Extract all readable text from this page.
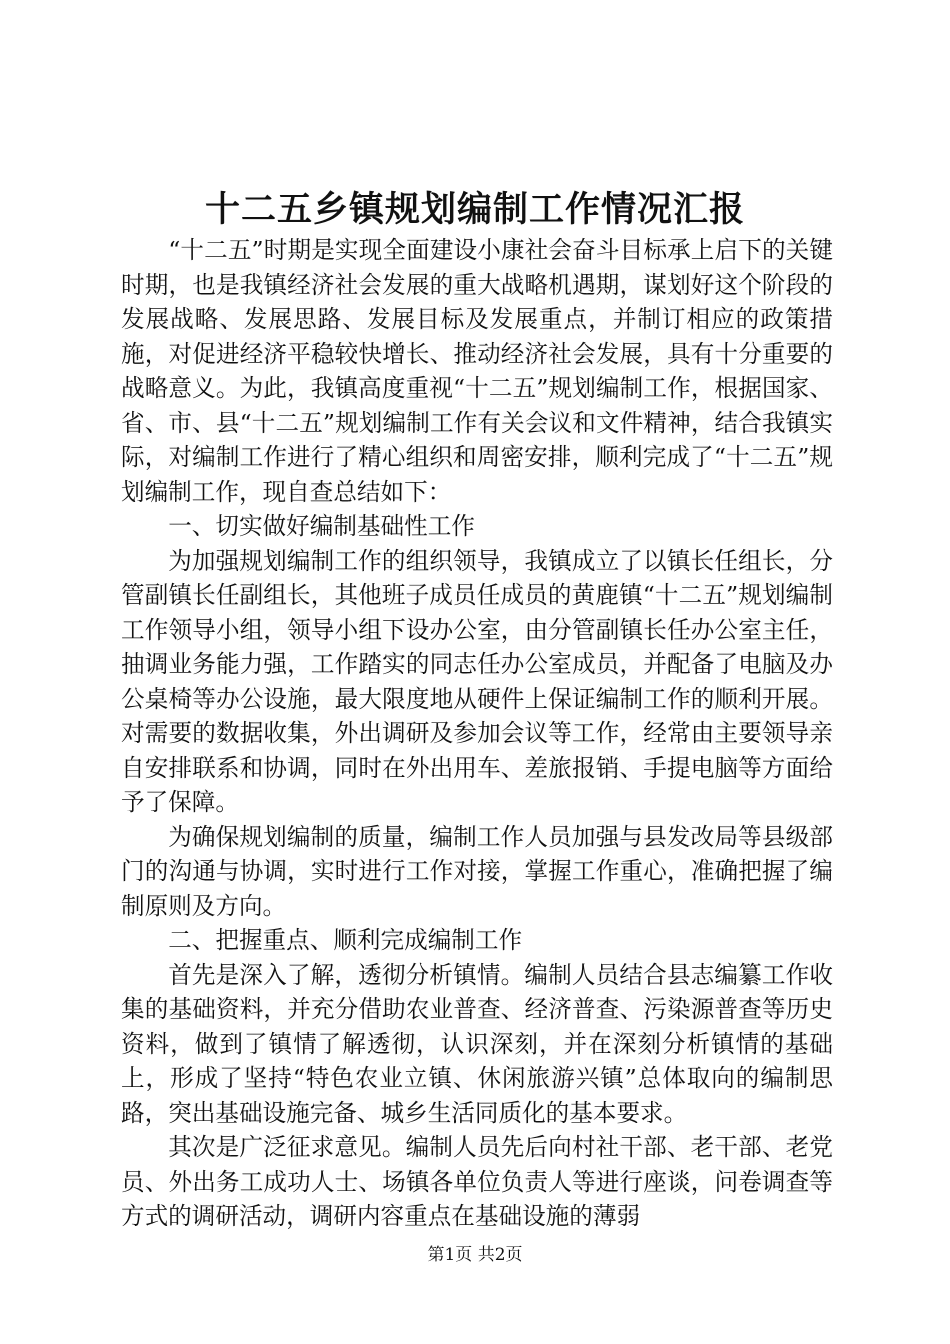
十二五乡镇规划编制工作情况汇报

“十二五”时期是实现全面建设小康社会奋斗目标承上启下的关键时期，也是我镇经济社会发展的重大战略机遇期，谋划好这个阶段的发展战略、发展思路、发展目标及发展重点，并制订相应的政策措施，对促进经济平稳较快增长、推动经济社会发展，具有十分重要的战略意义。为此，我镇高度重视“十二五”规划编制工作，根据国家、省、市、县“十二五”规划编制工作有关会议和文件精神，结合我镇实际，对编制工作进行了精心组织和周密安排，顺利完成了“十二五”规划编制工作，现自查总结如下：

一、切实做好编制基础性工作

为加强规划编制工作的组织领导，我镇成立了以镇长任组长，分管副镇长任副组长，其他班子成员任成员的黄鹿镇“十二五”规划编制工作领导小组，领导小组下设办公室，由分管副镇长任办公室主任，抽调业务能力强，工作踏实的同志任办公室成员，并配备了电脑及办公桌椅等办公设施，最大限度地从硬件上保证编制工作的顺利开展。对需要的数据收集，外出调研及参加会议等工作，经常由主要领导亲自安排联系和协调，同时在外出用车、差旅报销、手提电脑等方面给予了保障。

为确保规划编制的质量，编制工作人员加强与县发改局等县级部门的沟通与协调，实时进行工作对接，掌握工作重心，准确把握了编制原则及方向。

二、把握重点、顺利完成编制工作

首先是深入了解，透彻分析镇情。编制人员结合县志编纂工作收集的基础资料，并充分借助农业普查、经济普查、污染源普查等历史资料，做到了镇情了解透彻，认识深刻，并在深刻分析镇情的基础上，形成了坚持“特色农业立镇、休闲旅游兴镇”总体取向的编制思路，突出基础设施完备、城乡生活同质化的基本要求。

其次是广泛征求意见。编制人员先后向村社干部、老干部、老党员、外出务工成功人士、场镇各单位负责人等进行座谈，问卷调查等方式的调研活动，调研内容重点在基础设施的薄弱

第1页 共2页
